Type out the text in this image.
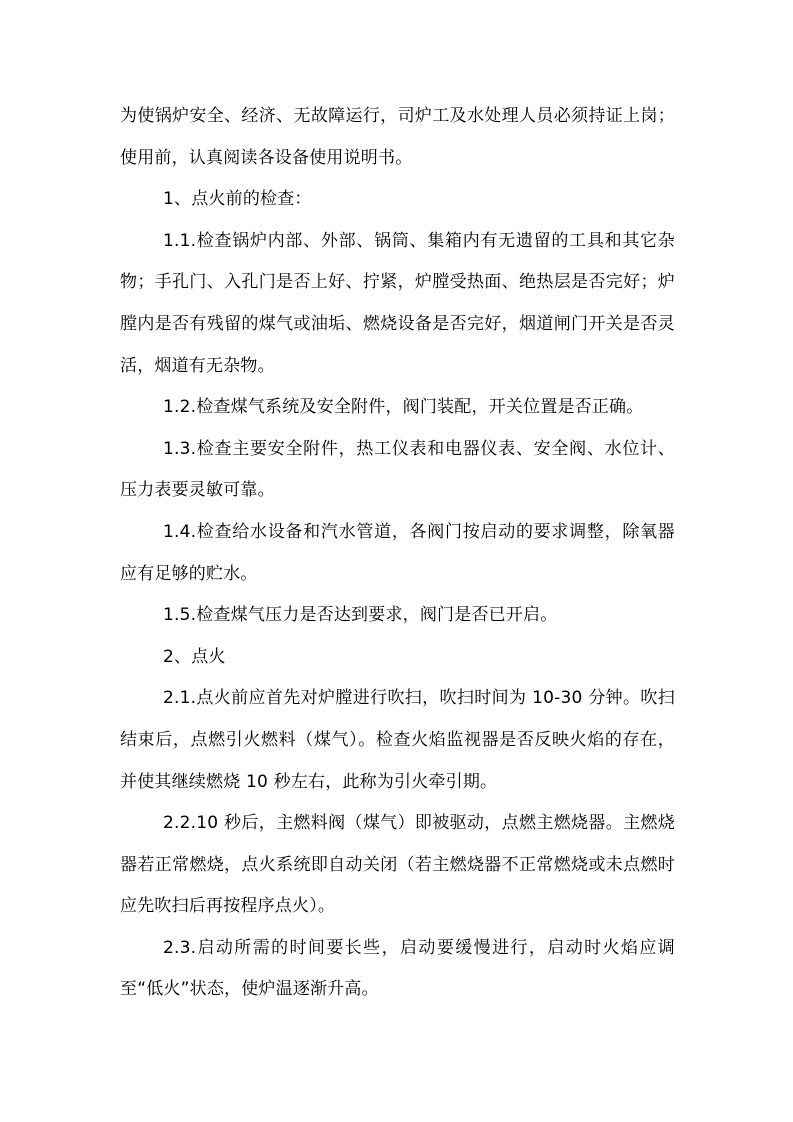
为使锅炉安全、经济、无故障运行，司炉工及水处理人员必须持证上岗；使用前，认真阅读各设备使用说明书。

1、点火前的检查：

1.1.检查锅炉内部、外部、锅筒、集箱内有无遗留的工具和其它杂物；手孔门、入孔门是否上好、拧紧，炉膛受热面、绝热层是否完好；炉膛内是否有残留的煤气或油垢、燃烧设备是否完好，烟道闸门开关是否灵活，烟道有无杂物。

1.2.检查煤气系统及安全附件，阀门装配，开关位置是否正确。

1.3.检查主要安全附件，热工仪表和电器仪表、安全阀、水位计、压力表要灵敏可靠。

1.4.检查给水设备和汽水管道，各阀门按启动的要求调整，除氧器应有足够的贮水。

1.5.检查煤气压力是否达到要求，阀门是否已开启。

2、点火

2.1.点火前应首先对炉膛进行吹扫，吹扫时间为 10-30 分钟。吹扫结束后，点燃引火燃料（煤气）。检查火焰监视器是否反映火焰的存在，并使其继续燃烧 10 秒左右，此称为引火牵引期。

2.2.10 秒后，主燃料阀（煤气）即被驱动，点燃主燃烧器。主燃烧器若正常燃烧，点火系统即自动关闭（若主燃烧器不正常燃烧或未点燃时应先吹扫后再按程序点火）。

2.3.启动所需的时间要长些，启动要缓慢进行，启动时火焰应调至“低火”状态，使炉温逐渐升高。
